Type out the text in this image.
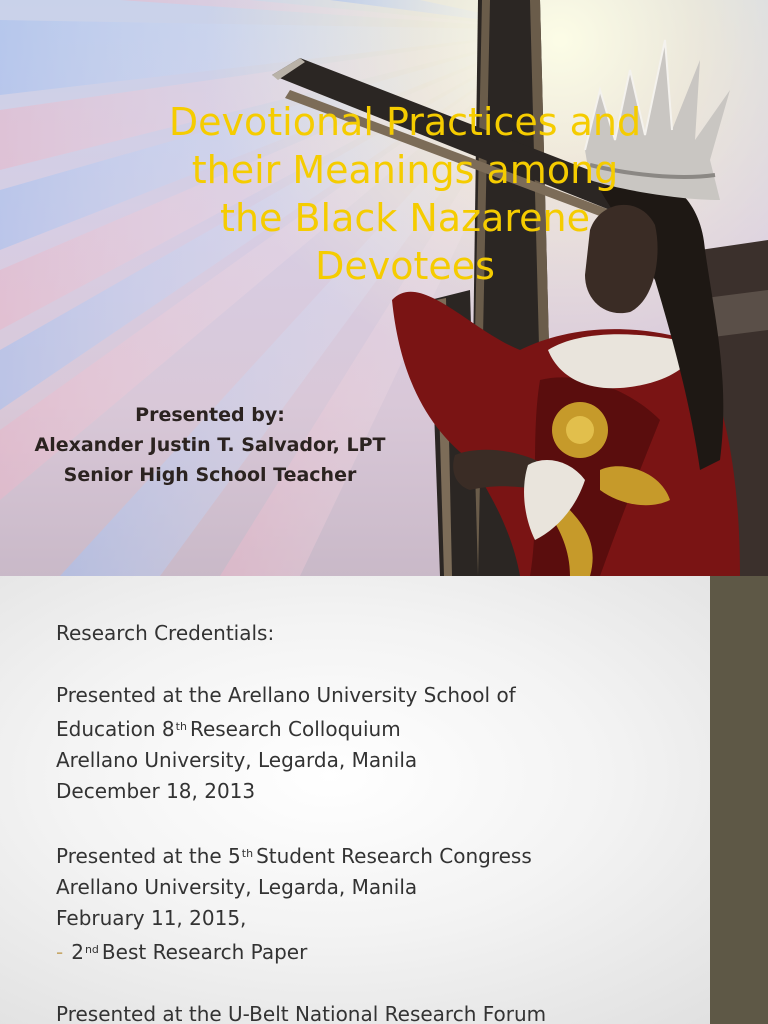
Devotional Practices and
their Meanings among
the Black Nazarene
Devotees
Presented by:
Alexander Justin T. Salvador, LPT
Senior High School Teacher
Research Credentials:
Presented at the Arellano University School of
Education 8th Research Colloquium
Arellano University, Legarda, Manila
December 18, 2013
Presented at the 5th Student Research Congress
Arellano University, Legarda, Manila
February 11, 2015,
- 2nd Best Research Paper
Presented at the U-Belt National Research Forum
